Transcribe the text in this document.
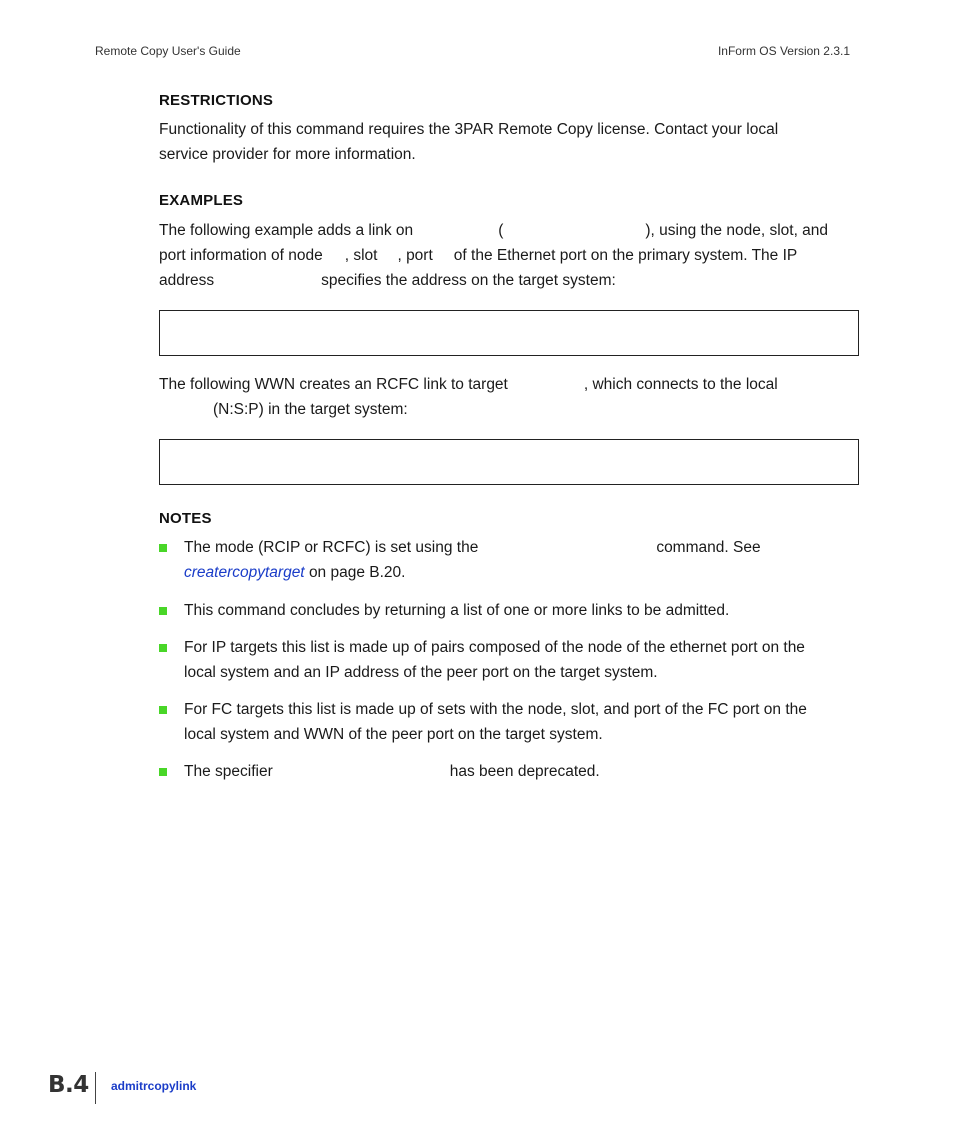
Remote Copy User's Guide	InForm OS Version 2.3.1
RESTRICTIONS
Functionality of this command requires the 3PAR Remote Copy license. Contact your local
service provider for more information.
EXAMPLES
The following example adds a link on	(	), using the node, slot, and
port information of node , slot , port of the Ethernet port on the primary system. The IP
address	specifies the address on the target system:
The following WWN creates an RCFC link to target	, which connects to the local
(N:S:P) in the target system:
NOTES
The mode (RCIP or RCFC) is set using the	command. See
creatercopytarget on page B.20.
This command concludes by returning a list of one or more links to be admitted.
For IP targets this list is made up of pairs composed of the node of the ethernet port on the
local system and an IP address of the peer port on the target system.
For FC targets this list is made up of sets with the node, slot, and port of the FC port on the
local system and WWN of the peer port on the target system.
The specifier	has been deprecated.
B.4 admitrcopylink
